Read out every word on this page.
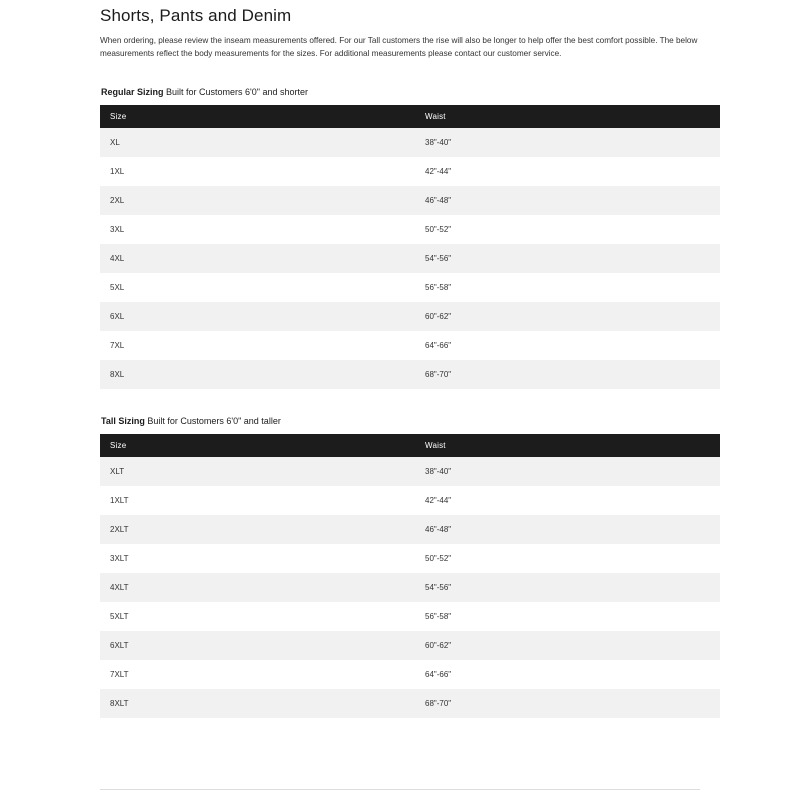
Shorts, Pants and Denim

When ordering, please review the inseam measurements offered. For our Tall customers the rise will also be longer to help offer the best comfort possible. The below measurements reflect the body measurements for the sizes. For additional measurements please contact our customer service.

Regular Sizing Built for Customers 6'0" and shorter
Size	Waist
XL	38"-40"
1XL	42"-44"
2XL	46"-48"
3XL	50"-52"
4XL	54"-56"
5XL	56"-58"
6XL	60"-62"
7XL	64"-66"
8XL	68"-70"
Tall Sizing Built for Customers 6'0" and taller
Size	Waist
XLT	38"-40"
1XLT	42"-44"
2XLT	46"-48"
3XLT	50"-52"
4XLT	54"-56"
5XLT	56"-58"
6XLT	60"-62"
7XLT	64"-66"
8XLT	68"-70"
